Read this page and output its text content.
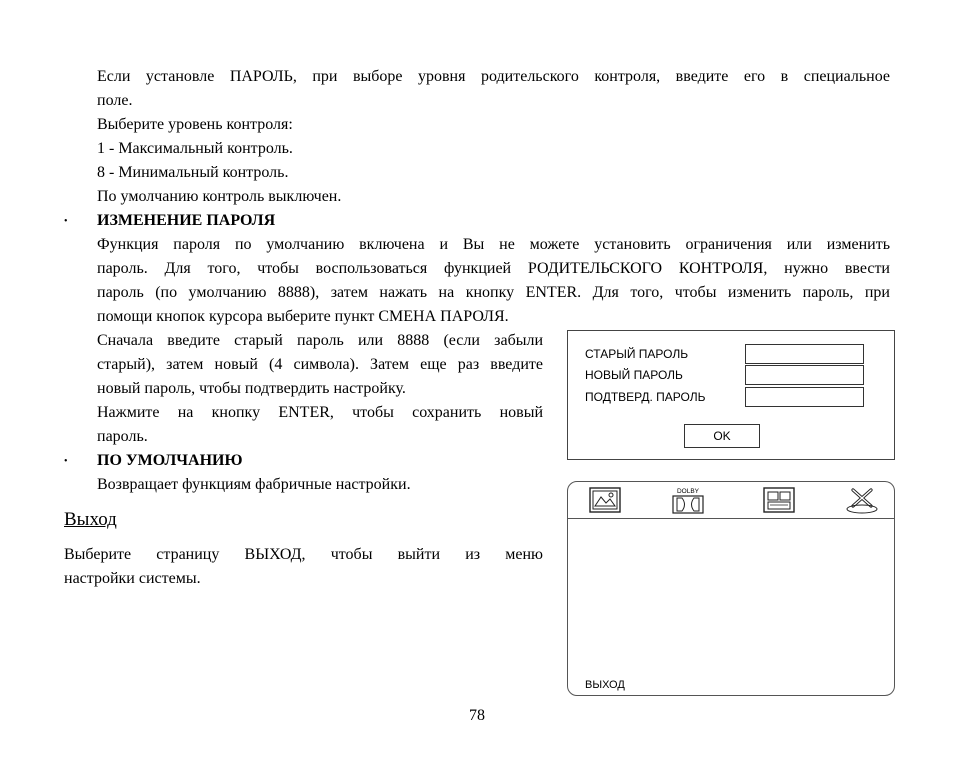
Если установле ПАРОЛЬ, при выборе уровня родительского контроля, введите его в специальное
поле.
Выберите уровень контроля:
1 - Максимальный контроль.
8 - Минимальный контроль.
По умолчанию контроль выключен.
• ИЗМЕНЕНИЕ ПАРОЛЯ
Функция пароля по умолчанию включена и Вы не можете установить ограничения или изменить
пароль. Для того, чтобы воспользоваться функцией РОДИТЕЛЬСКОГО КОНТРОЛЯ, нужно ввести
пароль (по умолчанию 8888), затем нажать на кнопку ENTER. Для того, чтобы изменить пароль, при
помощи кнопок курсора выберите пункт СМЕНА ПАРОЛЯ.
Сначала введите старый пароль или 8888 (если забыли
старый), затем новый (4 символа). Затем еще раз введите
новый пароль, чтобы подтвердить настройку.
Нажмите на кнопку ENTER, чтобы сохранить новый
пароль.
• ПО УМОЛЧАНИЮ
Возвращает функциям фабричные настройки.
Выход
Выберите страницу ВЫХОД, чтобы выйти из меню
настройки системы.
СТАРЫЙ ПАРОЛЬ
НОВЫЙ ПАРОЛЬ
ПОДТВЕРД. ПАРОЛЬ
OK
DOLBY
ВЫХОД
78
